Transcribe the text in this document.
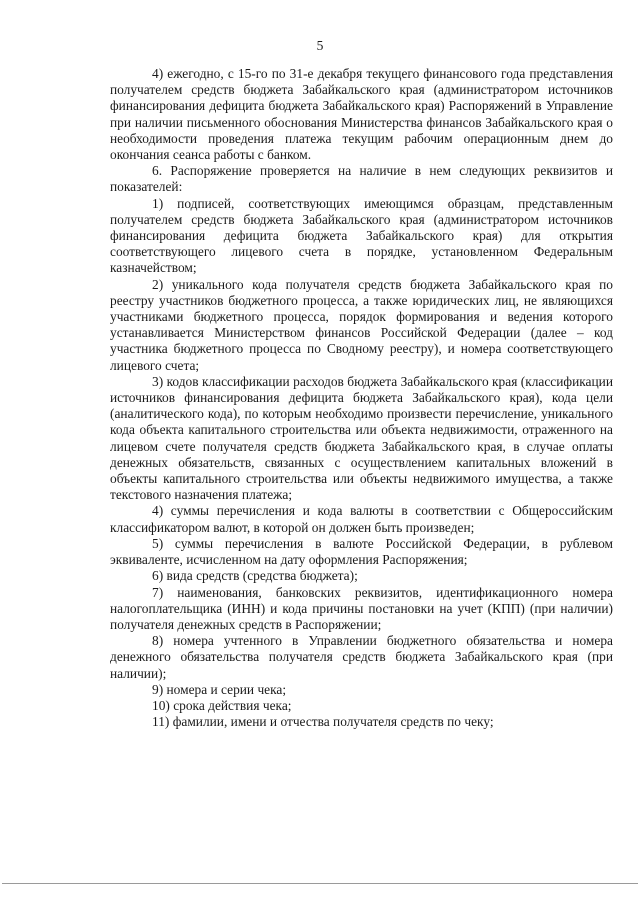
5

4) ежегодно, с 15-го по 31-е декабря текущего финансового года представления получателем средств бюджета Забайкальского края (администратором источников финансирования дефицита бюджета Забайкальского края) Распоряжений в Управление при наличии письменного обоснования Министерства финансов Забайкальского края о необходимости проведения платежа текущим рабочим операционным днем до окончания сеанса работы с банком.

6. Распоряжение проверяется на наличие в нем следующих реквизитов и показателей:

1) подписей, соответствующих имеющимся образцам, представленным получателем средств бюджета Забайкальского края (администратором источников финансирования дефицита бюджета Забайкальского края) для открытия соответствующего лицевого счета в порядке, установленном Федеральным казначейством;

2) уникального кода получателя средств бюджета Забайкальского края по реестру участников бюджетного процесса, а также юридических лиц, не являющихся участниками бюджетного процесса, порядок формирования и ведения которого устанавливается Министерством финансов Российской Федерации (далее – код участника бюджетного процесса по Сводному реестру), и номера соответствующего лицевого счета;

3) кодов классификации расходов бюджета Забайкальского края (классификации источников финансирования дефицита бюджета Забайкальского края), кода цели (аналитического кода), по которым необходимо произвести перечисление, уникального кода объекта капитального строительства или объекта недвижимости, отраженного на лицевом счете получателя средств бюджета Забайкальского края, в случае оплаты денежных обязательств, связанных с осуществлением капитальных вложений в объекты капитального строительства или объекты недвижимого имущества, а также текстового назначения платежа;

4) суммы перечисления и кода валюты в соответствии с Общероссийским классификатором валют, в которой он должен быть произведен;

5) суммы перечисления в валюте Российской Федерации, в рублевом эквиваленте, исчисленном на дату оформления Распоряжения;

6) вида средств (средства бюджета);

7) наименования, банковских реквизитов, идентификационного номера налогоплательщика (ИНН) и кода причины постановки на учет (КПП) (при наличии) получателя денежных средств в Распоряжении;

8) номера учтенного в Управлении бюджетного обязательства и номера денежного обязательства получателя средств бюджета Забайкальского края (при наличии);

9) номера и серии чека;

10) срока действия чека;

11) фамилии, имени и отчества получателя средств по чеку;
